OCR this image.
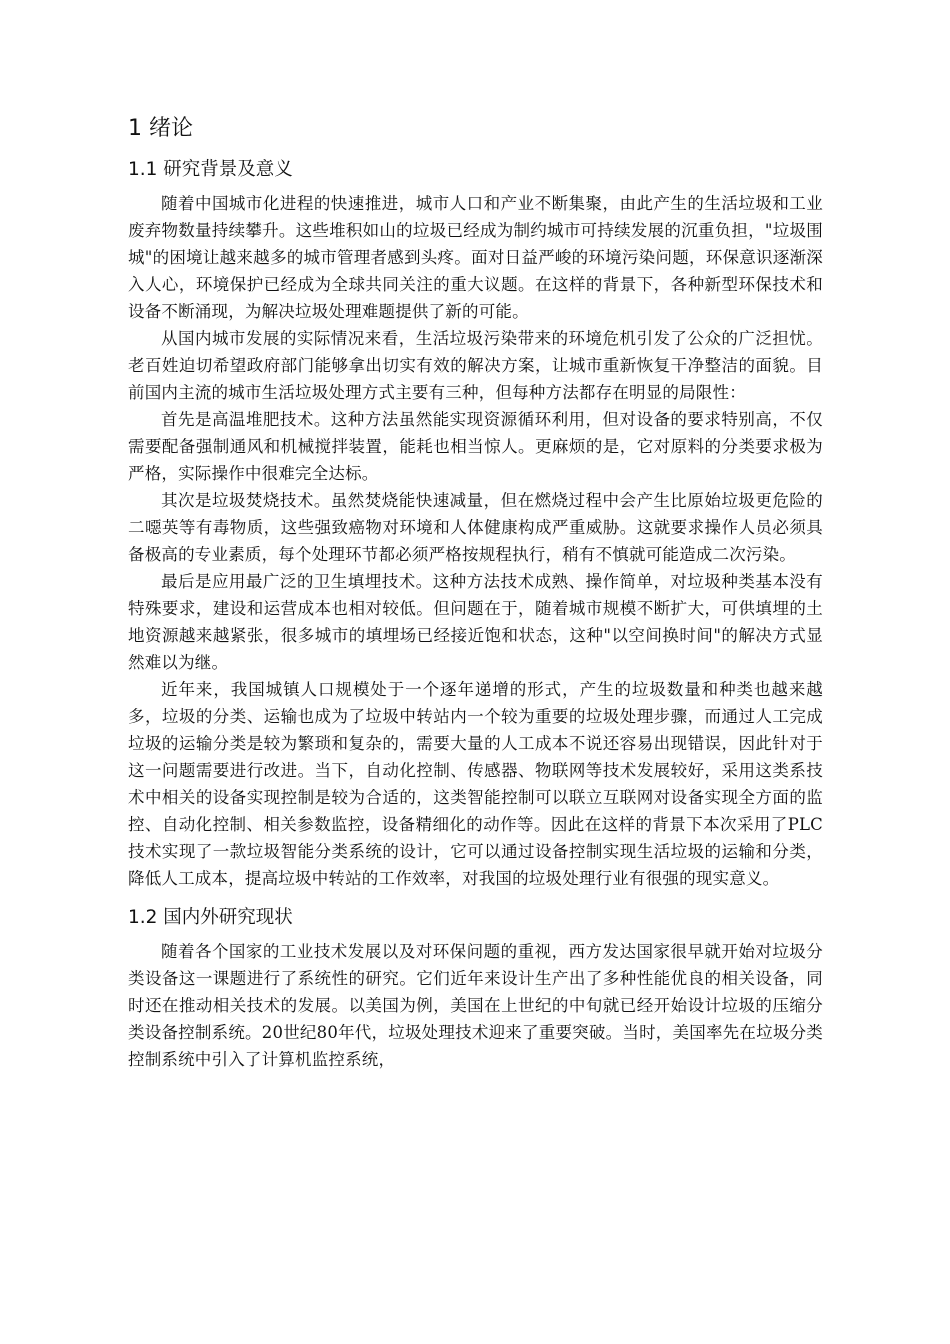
1 绪论
1.1 研究背景及意义

随着中国城市化进程的快速推进，城市人口和产业不断集聚，由此产生的生活垃圾和工业废弃物数量持续攀升。这些堆积如山的垃圾已经成为制约城市可持续发展的沉重负担，"垃圾围城"的困境让越来越多的城市管理者感到头疼。面对日益严峻的环境污染问题，环保意识逐渐深入人心，环境保护已经成为全球共同关注的重大议题。在这样的背景下，各种新型环保技术和设备不断涌现，为解决垃圾处理难题提供了新的可能。

从国内城市发展的实际情况来看，生活垃圾污染带来的环境危机引发了公众的广泛担忧。老百姓迫切希望政府部门能够拿出切实有效的解决方案，让城市重新恢复干净整洁的面貌。目前国内主流的城市生活垃圾处理方式主要有三种，但每种方法都存在明显的局限性：

首先是高温堆肥技术。这种方法虽然能实现资源循环利用，但对设备的要求特别高，不仅需要配备强制通风和机械搅拌装置，能耗也相当惊人。更麻烦的是，它对原料的分类要求极为严格，实际操作中很难完全达标。

其次是垃圾焚烧技术。虽然焚烧能快速减量，但在燃烧过程中会产生比原始垃圾更危险的二噁英等有毒物质，这些强致癌物对环境和人体健康构成严重威胁。这就要求操作人员必须具备极高的专业素质，每个处理环节都必须严格按规程执行，稍有不慎就可能造成二次污染。

最后是应用最广泛的卫生填埋技术。这种方法技术成熟、操作简单，对垃圾种类基本没有特殊要求，建设和运营成本也相对较低。但问题在于，随着城市规模不断扩大，可供填埋的土地资源越来越紧张，很多城市的填埋场已经接近饱和状态，这种"以空间换时间"的解决方式显然难以为继。

近年来，我国城镇人口规模处于一个逐年递增的形式，产生的垃圾数量和种类也越来越多，垃圾的分类、运输也成为了垃圾中转站内一个较为重要的垃圾处理步骤，而通过人工完成垃圾的运输分类是较为繁琐和复杂的，需要大量的人工成本不说还容易出现错误，因此针对于这一问题需要进行改进。当下，自动化控制、传感器、物联网等技术发展较好，采用这类系技术中相关的设备实现控制是较为合适的，这类智能控制可以联立互联网对设备实现全方面的监控、自动化控制、相关参数监控，设备精细化的动作等。因此在这样的背景下本次采用了PLC技术实现了一款垃圾智能分类系统的设计，它可以通过设备控制实现生活垃圾的运输和分类，降低人工成本，提高垃圾中转站的工作效率，对我国的垃圾处理行业有很强的现实意义。

1.2 国内外研究现状

随着各个国家的工业技术发展以及对环保问题的重视，西方发达国家很早就开始对垃圾分类设备这一课题进行了系统性的研究。它们近年来设计生产出了多种性能优良的相关设备，同时还在推动相关技术的发展。以美国为例，美国在上世纪的中旬就已经开始设计垃圾的压缩分类设备控制系统。20世纪80年代，垃圾处理技术迎来了重要突破。当时，美国率先在垃圾分类控制系统中引入了计算机监控系统，
